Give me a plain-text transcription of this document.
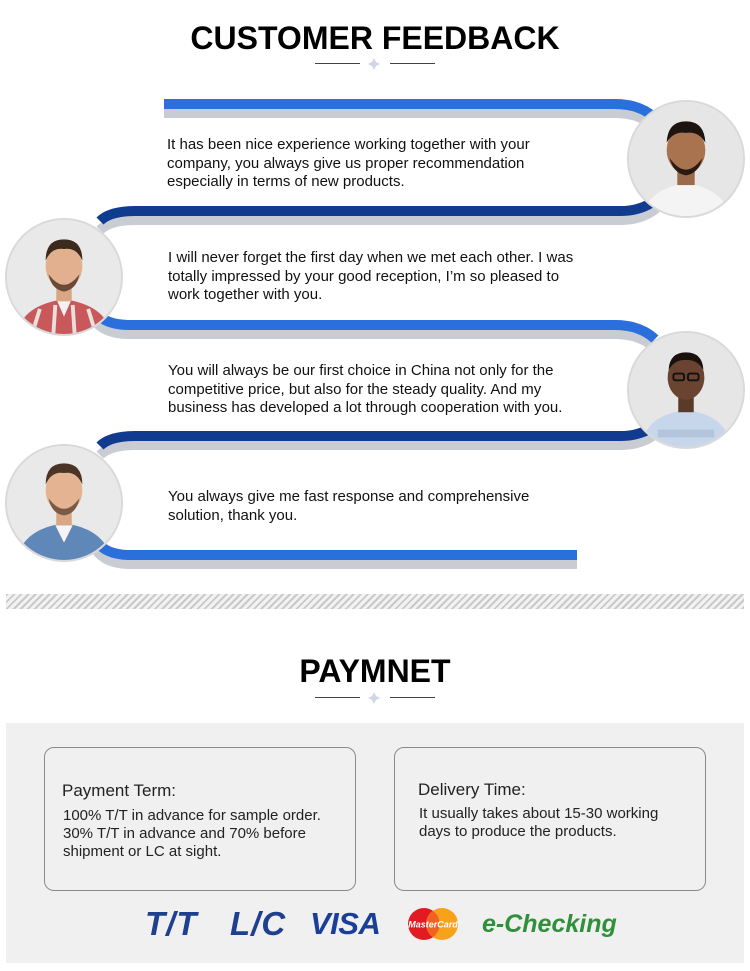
CUSTOMER FEEDBACK
It has been nice experience working together with your company, you always give us proper recommendation especially in terms of new products.
I will never forget the first day when we met each other. I was totally impressed by your good reception, I’m so pleased to work together with you.
You will always be our first choice in China not only for the competitive price, but also for the steady quality. And my business has developed a lot through cooperation with you.
You always give me fast response and comprehensive solution, thank you.
PAYMNET
Payment Term:
100% T/T in advance for sample order.
30% T/T in advance and 70% before
shipment or LC at sight.
Delivery Time:
It usually takes about 15-30 working
days to produce the products.
T/T L/C VISA	MasterCard e-Checking
